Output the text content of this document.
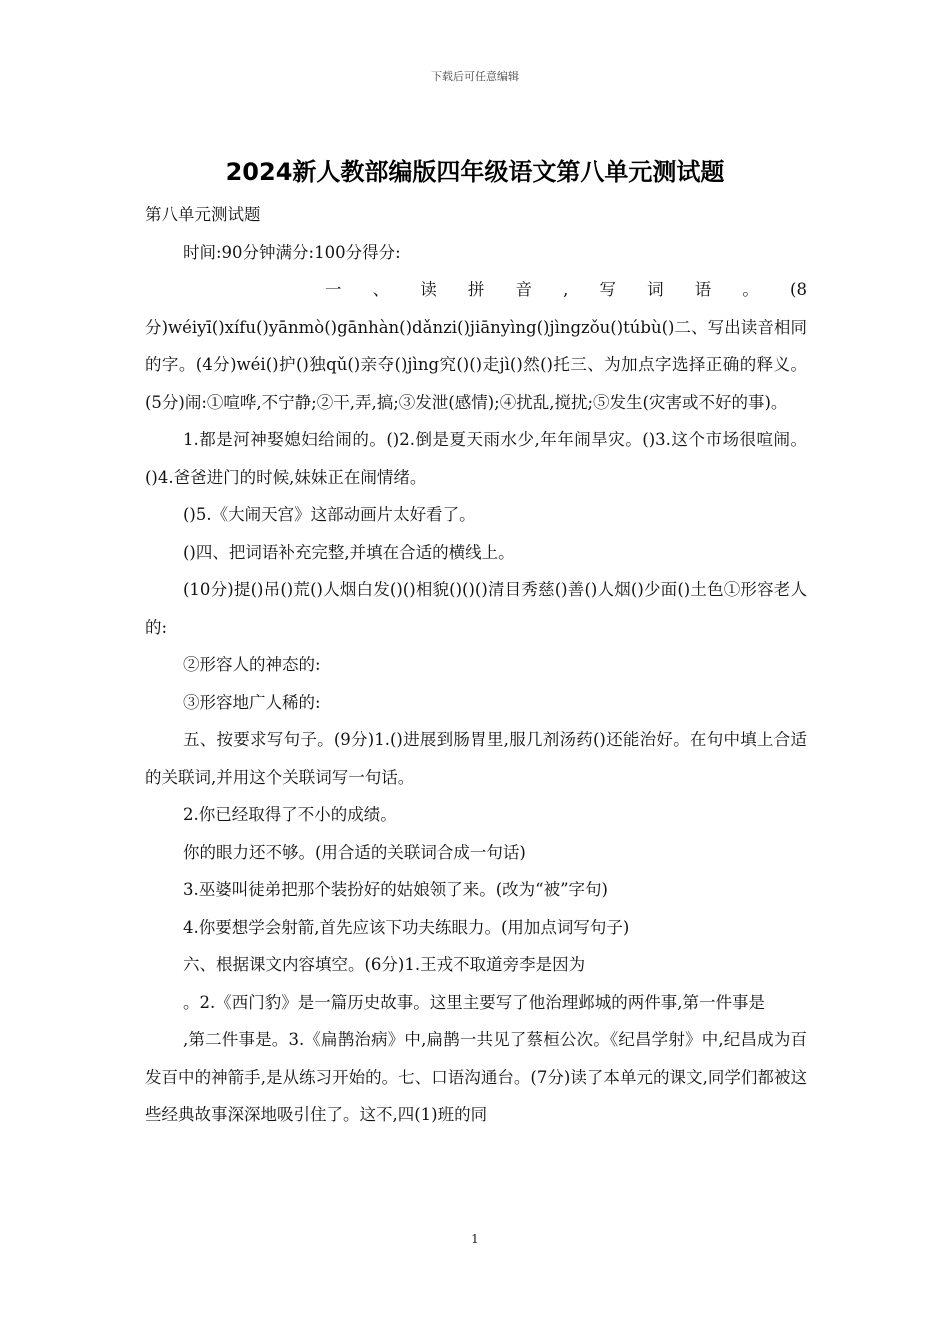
下载后可任意编辑
2024新人教部编版四年级语文第八单元测试题

第八单元测试题

时间:90分钟满分:100分得分:

一、读拼音,写词语。(8

分)wéiyī()xífu()yānmò()gānhàn()dǎnzi()jiānyìng()jìngzǒu()túbù()二、写出读音相同的字。(4分)wéi()护()独qǔ()亲夺()jìng究()()走jì()然()托三、为加点字选择正确的释义。(5分)闹:①喧哗,不宁静;②干,弄,搞;③发泄(感情);④扰乱,搅扰;⑤发生(灾害或不好的事)。

1.都是河神娶媳妇给闹的。()2.倒是夏天雨水少,年年闹旱灾。()3.这个市场很喧闹。()4.爸爸进门的时候,妹妹正在闹情绪。

()5.《大闹天宫》这部动画片太好看了。

()四、把词语补充完整,并填在合适的横线上。

(10分)提()吊()荒()人烟白发()()相貌()()()清目秀慈()善()人烟()少面()土色①形容老人的:

②形容人的神态的:

③形容地广人稀的:

五、按要求写句子。(9分)1.()进展到肠胃里,服几剂汤药()还能治好。在句中填上合适的关联词,并用这个关联词写一句话。

2.你已经取得了不小的成绩。

你的眼力还不够。(用合适的关联词合成一句话)

3.巫婆叫徒弟把那个装扮好的姑娘领了来。(改为“被”字句)

4.你要想学会射箭,首先应该下功夫练眼力。(用加点词写句子)

六、根据课文内容填空。(6分)1.王戎不取道旁李是因为

。2.《西门豹》是一篇历史故事。这里主要写了他治理邺城的两件事,第一件事是

,第二件事是。3.《扁鹊治病》中,扁鹊一共见了蔡桓公次。《纪昌学射》中,纪昌成为百发百中的神箭手,是从练习开始的。七、口语沟通台。(7分)读了本单元的课文,同学们都被这些经典故事深深地吸引住了。这不,四(1)班的同

1
